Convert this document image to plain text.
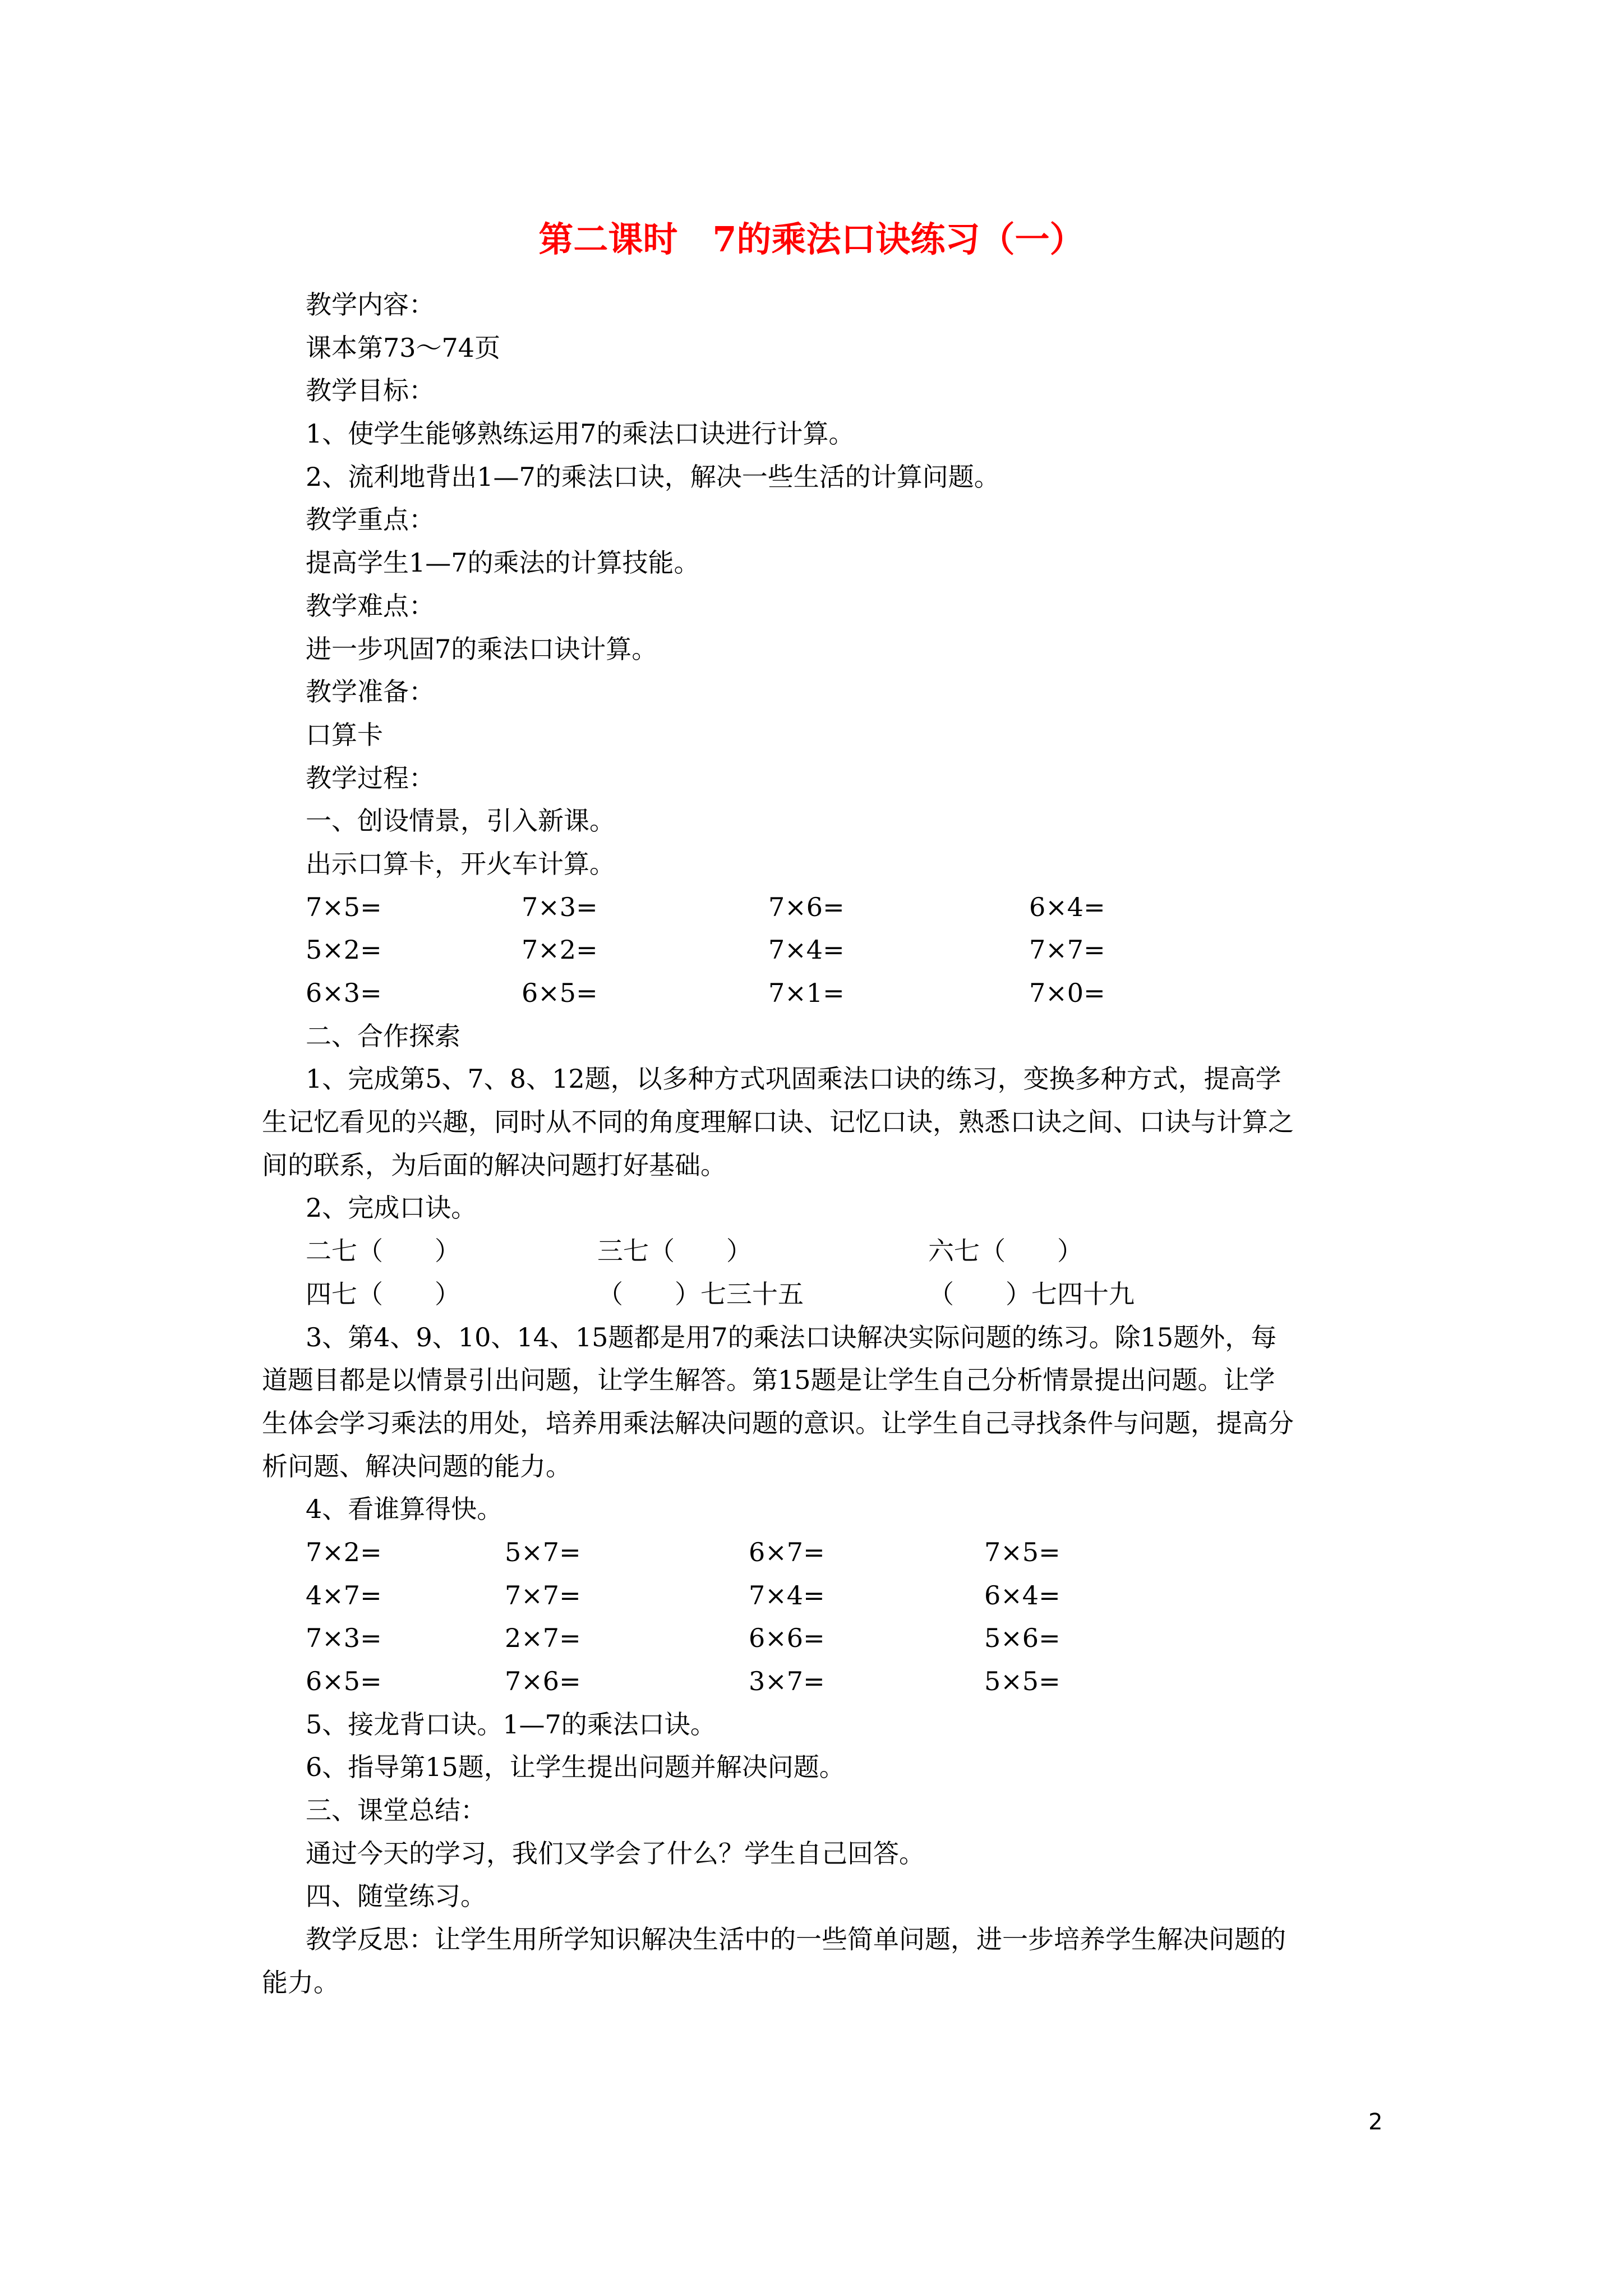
第二课时　7的乘法口诀练习（一）
教学内容：
课本第73～74页
教学目标：
1、使学生能够熟练运用7的乘法口诀进行计算。
2、流利地背出1—7的乘法口诀，解决一些生活的计算问题。
教学重点：
提高学生1—7的乘法的计算技能。
教学难点：
进一步巩固7的乘法口诀计算。
教学准备：
口算卡
教学过程：
一、创设情景，引入新课。
出示口算卡，开火车计算。
7×5=	7×3=	7×6=	6×4=
5×2=	7×2=	7×4=	7×7=
6×3=	6×5=	7×1=	7×0=
二、合作探索
1、完成第5、7、8、12题，以多种方式巩固乘法口诀的练习，变换多种方式，提高学
生记忆看见的兴趣，同时从不同的角度理解口诀、记忆口诀，熟悉口诀之间、口诀与计算之
间的联系，为后面的解决问题打好基础。
2、完成口诀。
二七（　　）	三七（　　）	六七（　　）
四七（　　）	（　　）七三十五	（　　）七四十九
3、第4、9、10、14、15题都是用7的乘法口诀解决实际问题的练习。除15题外，每
道题目都是以情景引出问题，让学生解答。第15题是让学生自己分析情景提出问题。让学
生体会学习乘法的用处，培养用乘法解决问题的意识。让学生自己寻找条件与问题，提高分
析问题、解决问题的能力。
4、看谁算得快。
7×2=	5×7=	6×7=	7×5=
4×7=	7×7=	7×4=	6×4=
7×3=	2×7=	6×6=	5×6=
6×5=	7×6=	3×7=	5×5=
5、接龙背口诀。1—7的乘法口诀。
6、指导第15题，让学生提出问题并解决问题。
三、课堂总结：
通过今天的学习，我们又学会了什么？学生自己回答。
四、随堂练习。
教学反思：让学生用所学知识解决生活中的一些简单问题，进一步培养学生解决问题的
能力。
2
